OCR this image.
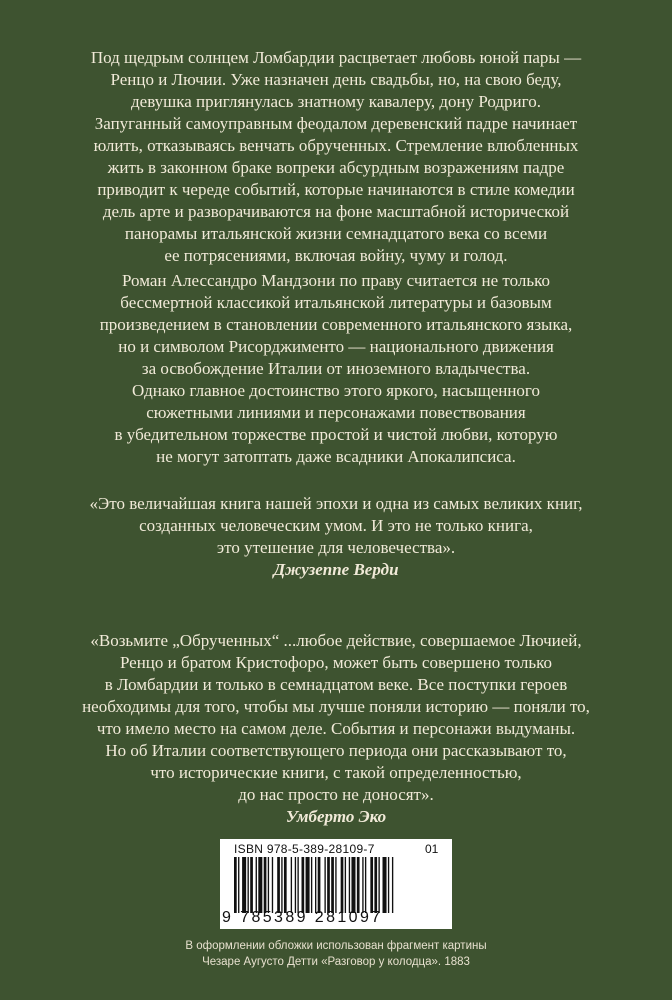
Под щедрым солнцем Ломбардии расцветает любовь юной пары —
Ренцо и Лючии. Уже назначен день свадьбы, но, на свою беду,
девушка приглянулась знатному кавалеру, дону Родриго.
Запуганный самоуправным феодалом деревенский падре начинает
юлить, отказываясь венчать обрученных. Стремление влюбленных
жить в законном браке вопреки абсурдным возражениям падре
приводит к череде событий, которые начинаются в стиле комедии
дель арте и разворачиваются на фоне масштабной исторической
панорамы итальянской жизни семнадцатого века со всеми
ее потрясениями, включая войну, чуму и голод.
Роман Алессандро Мандзони по праву считается не только
бессмертной классикой итальянской литературы и базовым
произведением в становлении современного итальянского языка,
но и символом Рисорджименто — национального движения
за освобождение Италии от иноземного владычества.
Однако главное достоинство этого яркого, насыщенного
сюжетными линиями и персонажами повествования
в убедительном торжестве простой и чистой любви, которую
не могут затоптать даже всадники Апокалипсиса.
«Это величайшая книга нашей эпохи и одна из самых великих книг,
созданных человеческим умом. И это не только книга,
это утешение для человечества».
Джузеппе Верди
«Возьмите „Обрученных“ ...любое действие, совершаемое Лючией,
Ренцо и братом Кристофоро, может быть совершено только
в Ломбардии и только в семнадцатом веке. Все поступки героев
необходимы для того, чтобы мы лучше поняли историю — поняли то,
что имело место на самом деле. События и персонажи выдуманы.
Но об Италии соответствующего периода они рассказывают то,
что исторические книги, с такой определенностью,
до нас просто не доносят».
Умберто Эко
ISBN 978-5-389-28109-7	01
9 785389 281097
В оформлении обложки использован фрагмент картины
Чезаре Аугусто Детти «Разговор у колодца». 1883
